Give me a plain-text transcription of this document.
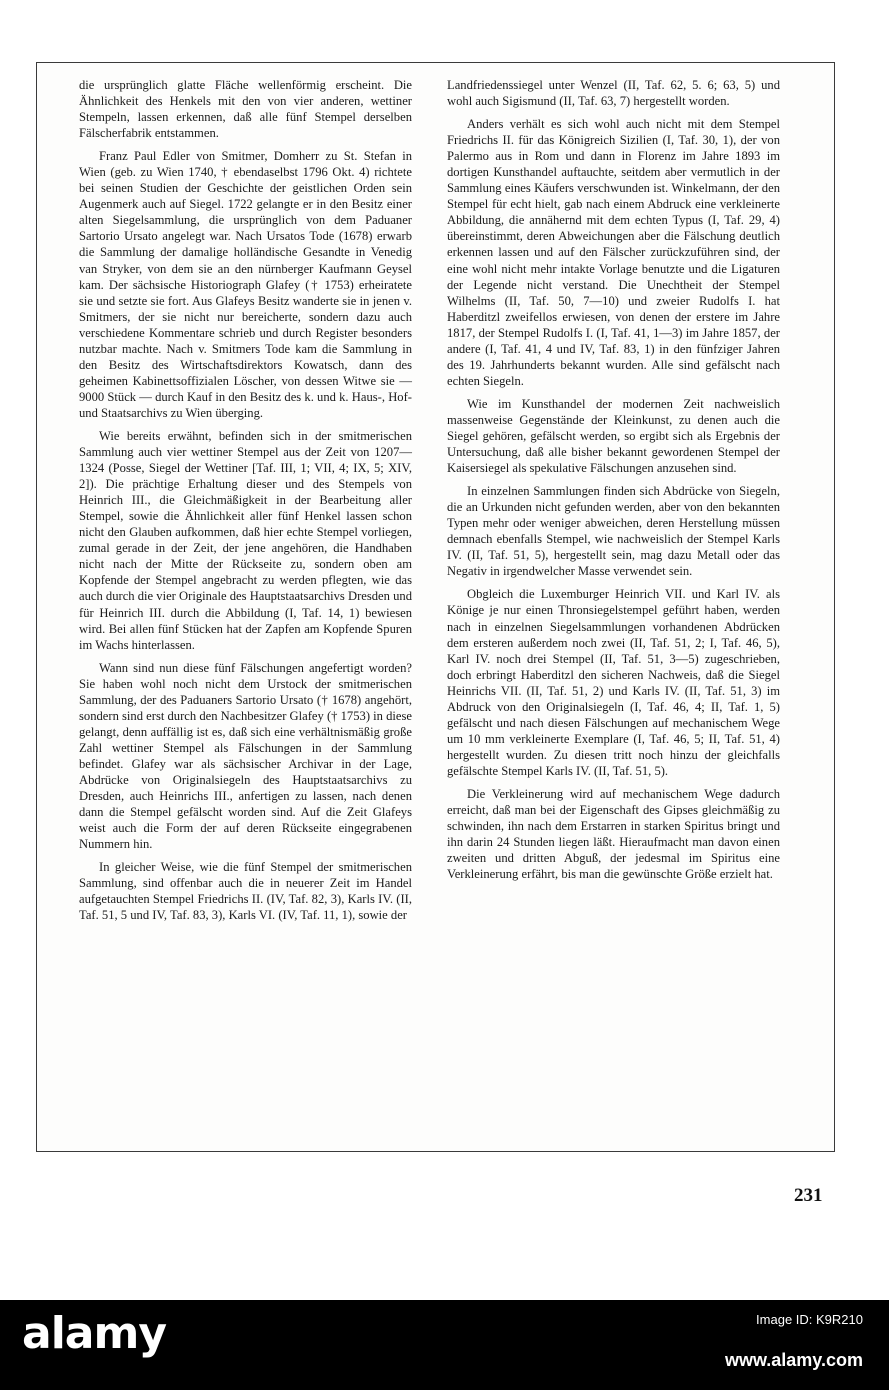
die ursprünglich glatte Fläche wellenförmig erscheint. Die Ähnlichkeit des Henkels mit den von vier anderen, wettiner Stempeln, lassen erkennen, daß alle fünf Stempel derselben Fälscherfabrik entstammen.

Franz Paul Edler von Smitmer, Domherr zu St. Stefan in Wien (geb. zu Wien 1740, † ebendaselbst 1796 Okt. 4) richtete bei seinen Studien der Geschichte der geistlichen Orden sein Augenmerk auch auf Siegel. 1722 gelangte er in den Besitz einer alten Siegelsammlung, die ursprünglich von dem Paduaner Sartorio Ursato angelegt war. Nach Ursatos Tode (1678) erwarb die Sammlung der damalige holländische Gesandte in Venedig van Stryker, von dem sie an den nürnberger Kaufmann Geysel kam. Der sächsische Historiograph Glafey († 1753) erheiratete sie und setzte sie fort. Aus Glafeys Besitz wanderte sie in jenen v. Smitmers, der sie nicht nur bereicherte, sondern dazu auch verschiedene Kommentare schrieb und durch Register besonders nutzbar machte. Nach v. Smitmers Tode kam die Sammlung in den Besitz des Wirtschaftsdirektors Kowatsch, dann des geheimen Kabinettsoffizialen Löscher, von dessen Witwe sie — 9000 Stück — durch Kauf in den Besitz des k. und k. Haus-, Hof- und Staatsarchivs zu Wien überging.

Wie bereits erwähnt, befinden sich in der smitmerischen Sammlung auch vier wettiner Stempel aus der Zeit von 1207—1324 (Posse, Siegel der Wettiner [Taf. III, 1; VII, 4; IX, 5; XIV, 2]). Die prächtige Erhaltung dieser und des Stempels von Heinrich III., die Gleichmäßigkeit in der Bearbeitung aller Stempel, sowie die Ähnlichkeit aller fünf Henkel lassen schon nicht den Glauben aufkommen, daß hier echte Stempel vorliegen, zumal gerade in der Zeit, der jene angehören, die Handhaben nicht nach der Mitte der Rückseite zu, sondern oben am Kopfende der Stempel angebracht zu werden pflegten, wie das auch durch die vier Originale des Hauptstaatsarchivs Dresden und für Heinrich III. durch die Abbildung (I, Taf. 14, 1) bewiesen wird. Bei allen fünf Stücken hat der Zapfen am Kopfende Spuren im Wachs hinterlassen.

Wann sind nun diese fünf Fälschungen angefertigt worden? Sie haben wohl noch nicht dem Urstock der smitmerischen Sammlung, der des Paduaners Sartorio Ursato († 1678) angehört, sondern sind erst durch den Nachbesitzer Glafey († 1753) in diese gelangt, denn auffällig ist es, daß sich eine verhältnismäßig große Zahl wettiner Stempel als Fälschungen in der Sammlung befindet. Glafey war als sächsischer Archivar in der Lage, Abdrücke von Originalsiegeln des Hauptstaatsarchivs zu Dresden, auch Heinrichs III., anfertigen zu lassen, nach denen dann die Stempel gefälscht worden sind. Auf die Zeit Glafeys weist auch die Form der auf deren Rückseite eingegrabenen Nummern hin.

In gleicher Weise, wie die fünf Stempel der smitmerischen Sammlung, sind offenbar auch die in neuerer Zeit im Handel aufgetauchten Stempel Friedrichs II. (IV, Taf. 82, 3), Karls IV. (II, Taf. 51, 5 und IV, Taf. 83, 3), Karls VI. (IV, Taf. 11, 1), sowie der

Landfriedenssiegel unter Wenzel (II, Taf. 62, 5. 6; 63, 5) und wohl auch Sigismund (II, Taf. 63, 7) hergestellt worden.

Anders verhält es sich wohl auch nicht mit dem Stempel Friedrichs II. für das Königreich Sizilien (I, Taf. 30, 1), der von Palermo aus in Rom und dann in Florenz im Jahre 1893 im dortigen Kunsthandel auftauchte, seitdem aber vermutlich in der Sammlung eines Käufers verschwunden ist. Winkelmann, der den Stempel für echt hielt, gab nach einem Abdruck eine verkleinerte Abbildung, die annähernd mit dem echten Typus (I, Taf. 29, 4) übereinstimmt, deren Abweichungen aber die Fälschung deutlich erkennen lassen und auf den Fälscher zurückzuführen sind, der eine wohl nicht mehr intakte Vorlage benutzte und die Ligaturen der Legende nicht verstand. Die Unechtheit der Stempel Wilhelms (II, Taf. 50, 7—10) und zweier Rudolfs I. hat Haberditzl zweifellos erwiesen, von denen der erstere im Jahre 1817, der Stempel Rudolfs I. (I, Taf. 41, 1—3) im Jahre 1857, der andere (I, Taf. 41, 4 und IV, Taf. 83, 1) in den fünfziger Jahren des 19. Jahrhunderts bekannt wurden. Alle sind gefälscht nach echten Siegeln.

Wie im Kunsthandel der modernen Zeit nachweislich massenweise Gegenstände der Kleinkunst, zu denen auch die Siegel gehören, gefälscht werden, so ergibt sich als Ergebnis der Untersuchung, daß alle bisher bekannt gewordenen Stempel der Kaisersiegel als spekulative Fälschungen anzusehen sind.

In einzelnen Sammlungen finden sich Abdrücke von Siegeln, die an Urkunden nicht gefunden werden, aber von den bekannten Typen mehr oder weniger abweichen, deren Herstellung müssen demnach ebenfalls Stempel, wie nachweislich der Stempel Karls IV. (II, Taf. 51, 5), hergestellt sein, mag dazu Metall oder das Negativ in irgendwelcher Masse verwendet sein.

Obgleich die Luxemburger Heinrich VII. und Karl IV. als Könige je nur einen Thronsiegelstempel geführt haben, werden nach in einzelnen Siegelsammlungen vorhandenen Abdrücken dem ersteren außerdem noch zwei (II, Taf. 51, 2; I, Taf. 46, 5), Karl IV. noch drei Stempel (II, Taf. 51, 3—5) zugeschrieben, doch erbringt Haberditzl den sicheren Nachweis, daß die Siegel Heinrichs VII. (II, Taf. 51, 2) und Karls IV. (II, Taf. 51, 3) im Abdruck von den Originalsiegeln (I, Taf. 46, 4; II, Taf. 1, 5) gefälscht und nach diesen Fälschungen auf mechanischem Wege um 10 mm verkleinerte Exemplare (I, Taf. 46, 5; II, Taf. 51, 4) hergestellt wurden. Zu diesen tritt noch hinzu der gleichfalls gefälschte Stempel Karls IV. (II, Taf. 51, 5).

Die Verkleinerung wird auf mechanischem Wege dadurch erreicht, daß man bei der Eigenschaft des Gipses gleichmäßig zu schwinden, ihn nach dem Erstarren in starken Spiritus bringt und ihn darin 24 Stunden liegen läßt. Hieraufmacht man davon einen zweiten und dritten Abguß, der jedesmal im Spiritus eine Verkleinerung erfährt, bis man die gewünschte Größe erzielt hat.

231
alamy	Image ID: K9R210
www.alamy.com
